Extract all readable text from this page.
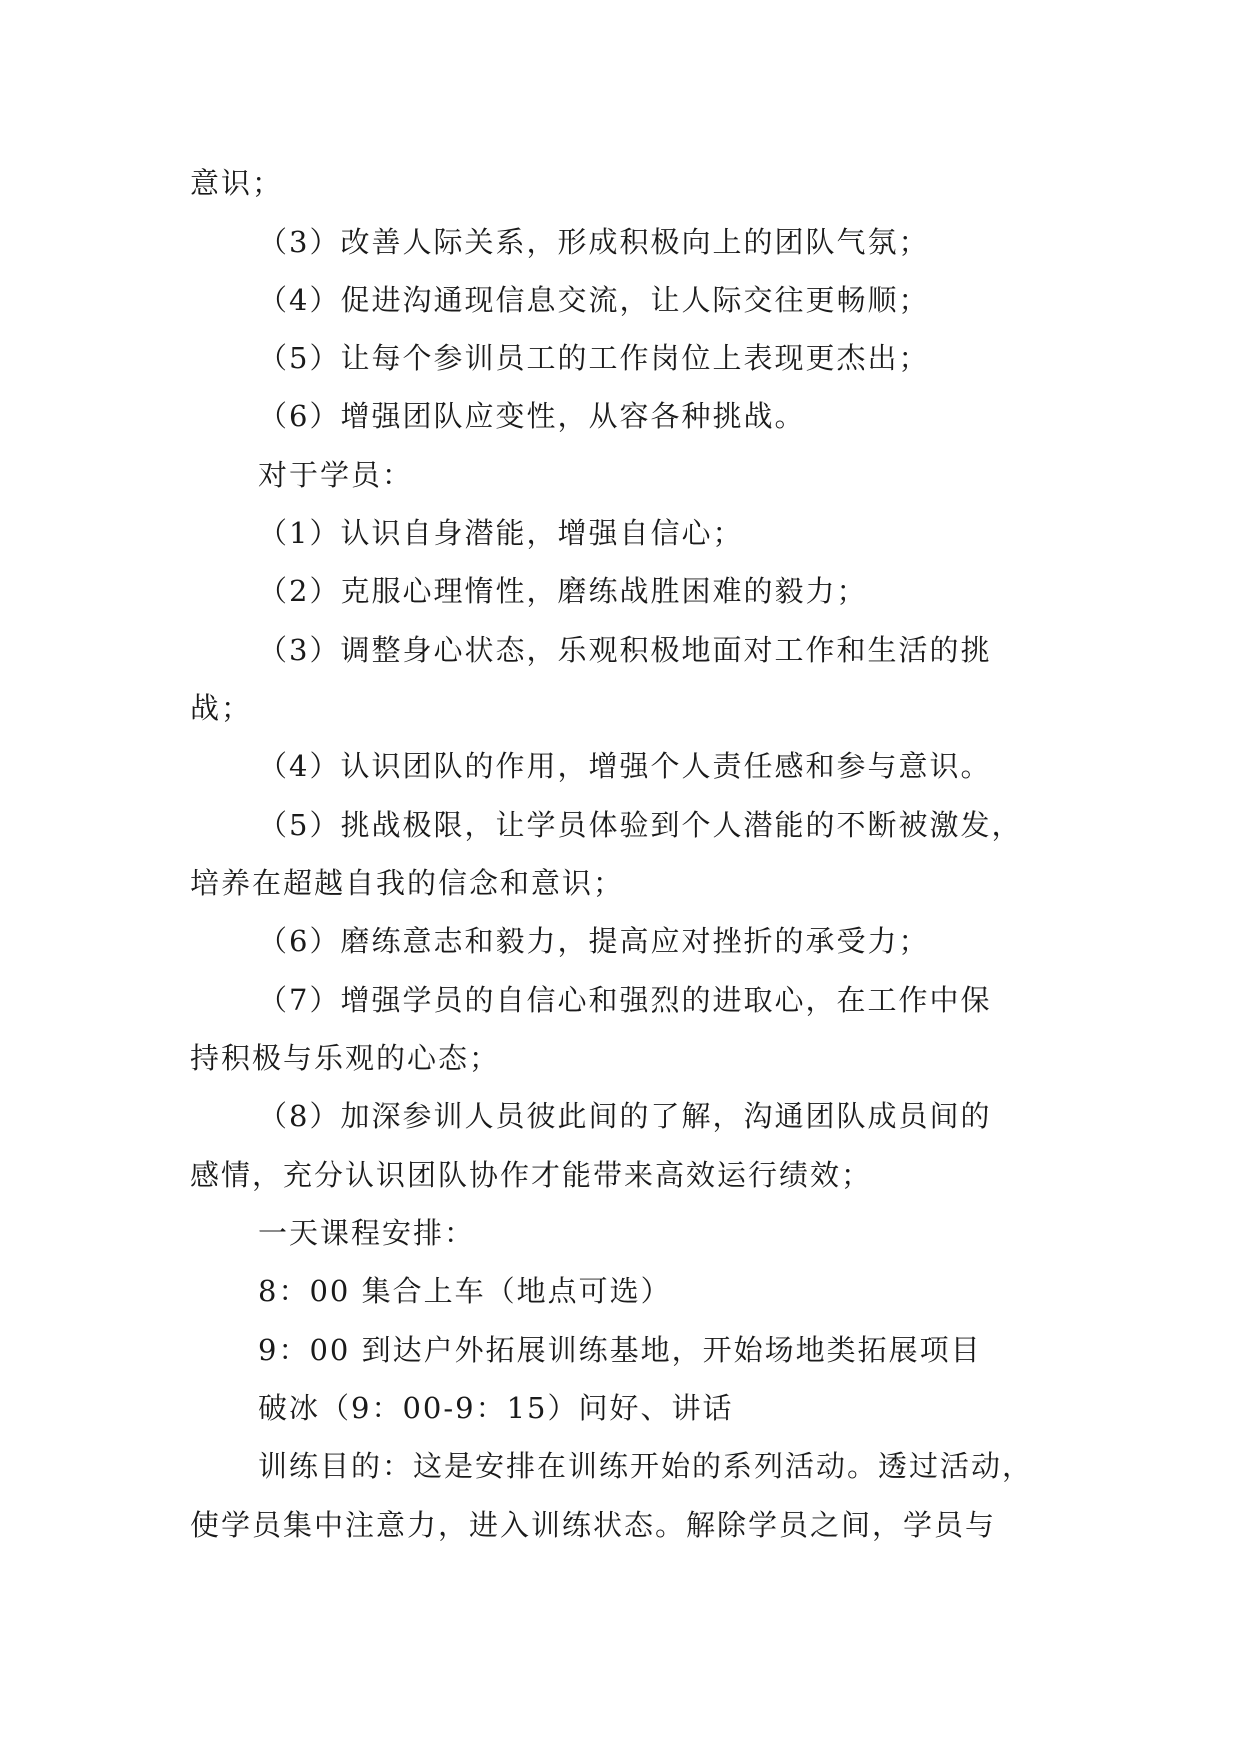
意识；
（3）改善人际关系，形成积极向上的团队气氛；
（4）促进沟通现信息交流，让人际交往更畅顺；
（5）让每个参训员工的工作岗位上表现更杰出；
（6）增强团队应变性，从容各种挑战。
对于学员：
（1）认识自身潜能，增强自信心；
（2）克服心理惰性，磨练战胜困难的毅力；
（3）调整身心状态，乐观积极地面对工作和生活的挑
战；
（4）认识团队的作用，增强个人责任感和参与意识。
（5）挑战极限，让学员体验到个人潜能的不断被激发，
培养在超越自我的信念和意识；
（6）磨练意志和毅力，提高应对挫折的承受力；
（7）增强学员的自信心和强烈的进取心，在工作中保
持积极与乐观的心态；
（8）加深参训人员彼此间的了解，沟通团队成员间的
感情，充分认识团队协作才能带来高效运行绩效；
一天课程安排：
8：00 集合上车（地点可选）
9：00 到达户外拓展训练基地，开始场地类拓展项目
破冰（9：00-9：15）问好、讲话
训练目的：这是安排在训练开始的系列活动。透过活动，
使学员集中注意力，进入训练状态。解除学员之间，学员与
